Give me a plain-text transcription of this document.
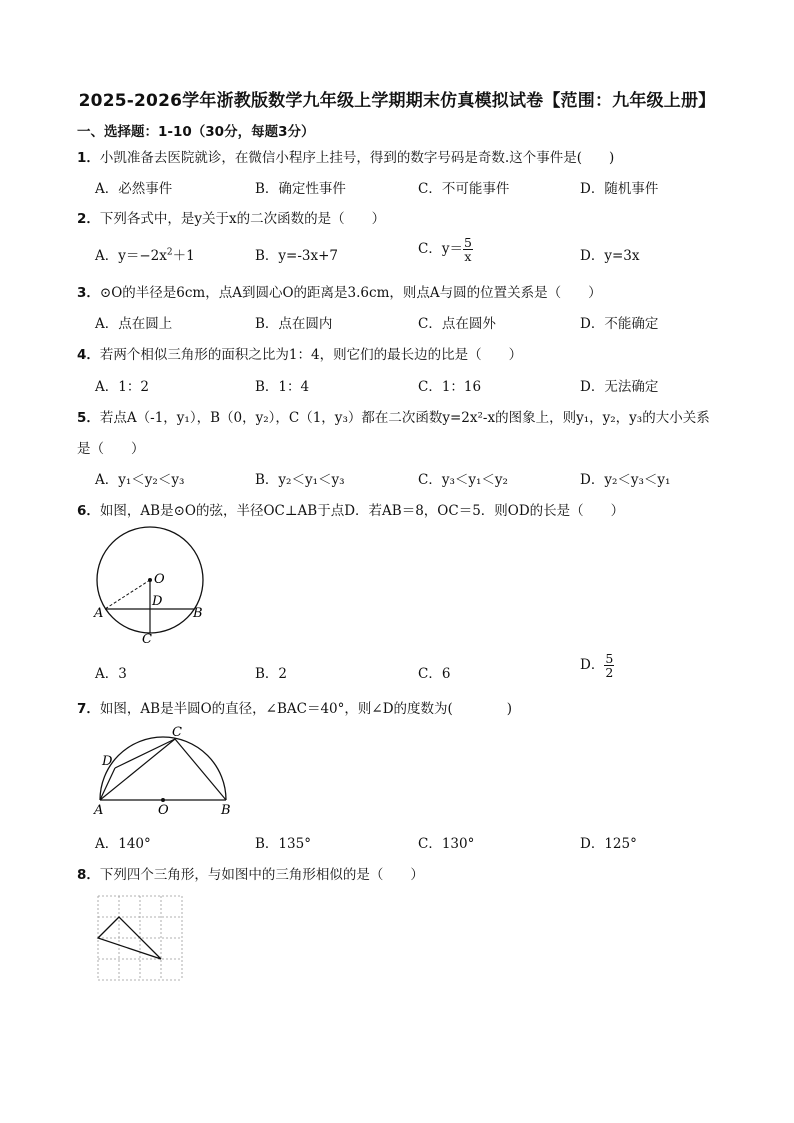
2025-2026学年浙教版数学九年级上学期期末仿真模拟试卷【范围：九年级上册】
一、选择题：1-10（30分，每题3分）
1．小凯准备去医院就诊，在微信小程序上挂号，得到的数字号码是奇数.这个事件是(　　)
A．必然事件	B．确定性事件	C．不可能事件	D．随机事件
2．下列各式中，是y关于x的二次函数的是（　　）
A．$y=-2x^2+1$	B．y=-3x+7	C．$y= \frac{5}{x}$	D．y=3x
3．⊙O的半径是6cm，点A到圆心O的距离是3.6cm，则点A与圆的位置关系是（　　）
A．点在圆上	B．点在圆内	C．点在圆外	D．不能确定
4．若两个相似三角形的面积之比为1：4，则它们的最长边的比是（　　）
A．1：2	B．1：4	C．1：16	D．无法确定
5．若点A（-1，y₁），B（0，y₂），C（1，y₃）都在二次函数y=2x²-x的图象上，则y₁，y₂，y₃的大小关系
是（　　）
A．y₁＜y₂＜y₃	B．y₂＜y₁＜y₃	C．y₃＜y₁＜y₂	D．y₂＜y₃＜y₁
6．如图，AB是⊙O的弦，半径OC⊥AB于点D．若AB＝8，OC＝5．则OD的长是（　　）
O
D
A	B
C
A．3	B．2	C．6
D． $\frac{5}{2}$
7．如图，AB是半圆O的直径，∠BAC＝40°，则∠D的度数为(　　　　)
C
D
A	O	B
A．140°	B．135°	C．130°	D．125°
8．下列四个三角形，与如图中的三角形相似的是（　　）
